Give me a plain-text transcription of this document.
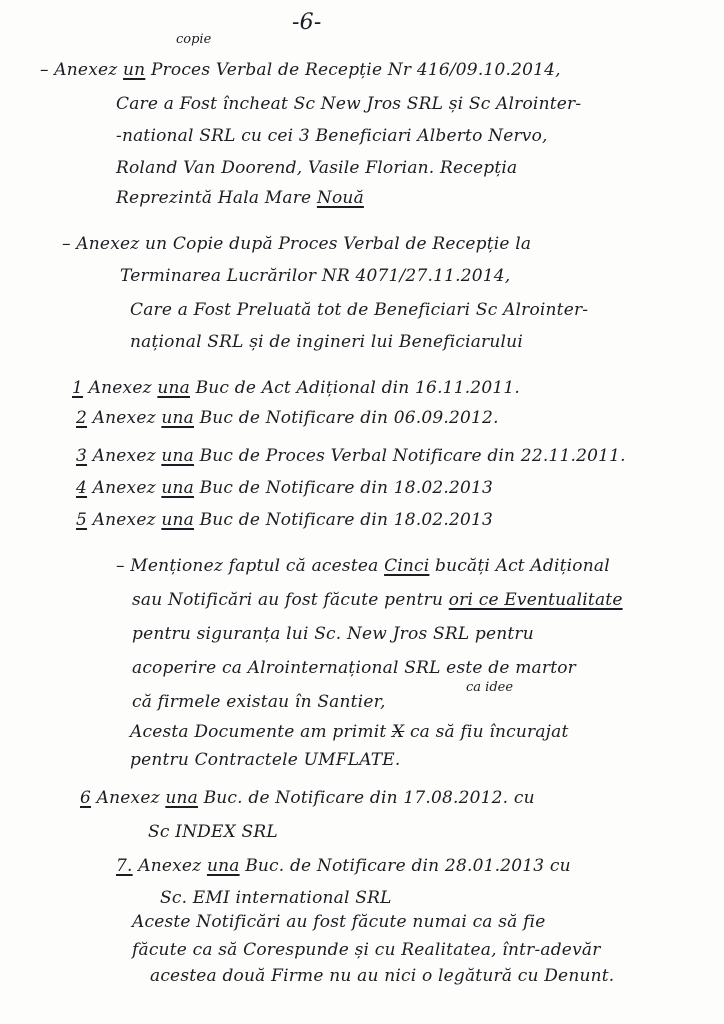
-6-
copie
– Anexez un Proces Verbal de Recepție Nr 416/09.10.2014,
Care a Fost încheat Sc New Jros SRL și Sc Alrointer-
-national SRL cu cei 3 Beneficiari Alberto Nervo,
Roland Van Doorend, Vasile Florian. Recepția
Reprezintă Hala Mare Nouă
– Anexez un Copie după Proces Verbal de Recepție la
Terminarea Lucrărilor NR 4071/27.11.2014,
Care a Fost Preluată tot de Beneficiari Sc Alrointer-
național SRL și de ingineri lui Beneficiarului
1 Anexez una Buc de Act Adițional din 16.11.2011.
2 Anexez una Buc de Notificare din 06.09.2012.
3 Anexez una Buc de Proces Verbal Notificare din 22.11.2011.
4 Anexez una Buc de Notificare din 18.02.2013
5 Anexez una Buc de Notificare din 18.02.2013
– Menționez faptul că acestea Cinci bucăți Act Adițional
sau Notificări au fost făcute pentru ori ce Eventualitate
pentru siguranța lui Sc. New Jros SRL pentru
acoperire ca Alrointernațional SRL este de martor
ca idee
că firmele existau în Santier,
Acesta Documente am primit X ca să fiu încurajat
pentru Contractele UMFLATE.
6 Anexez una Buc. de Notificare din 17.08.2012. cu
Sc INDEX SRL
7. Anexez una Buc. de Notificare din 28.01.2013 cu
Sc. EMI international SRL
Aceste Notificări au fost făcute numai ca să fie
făcute ca să Corespunde și cu Realitatea, într-adevăr
acestea două Firme nu au nici o legătură cu Denunt.
